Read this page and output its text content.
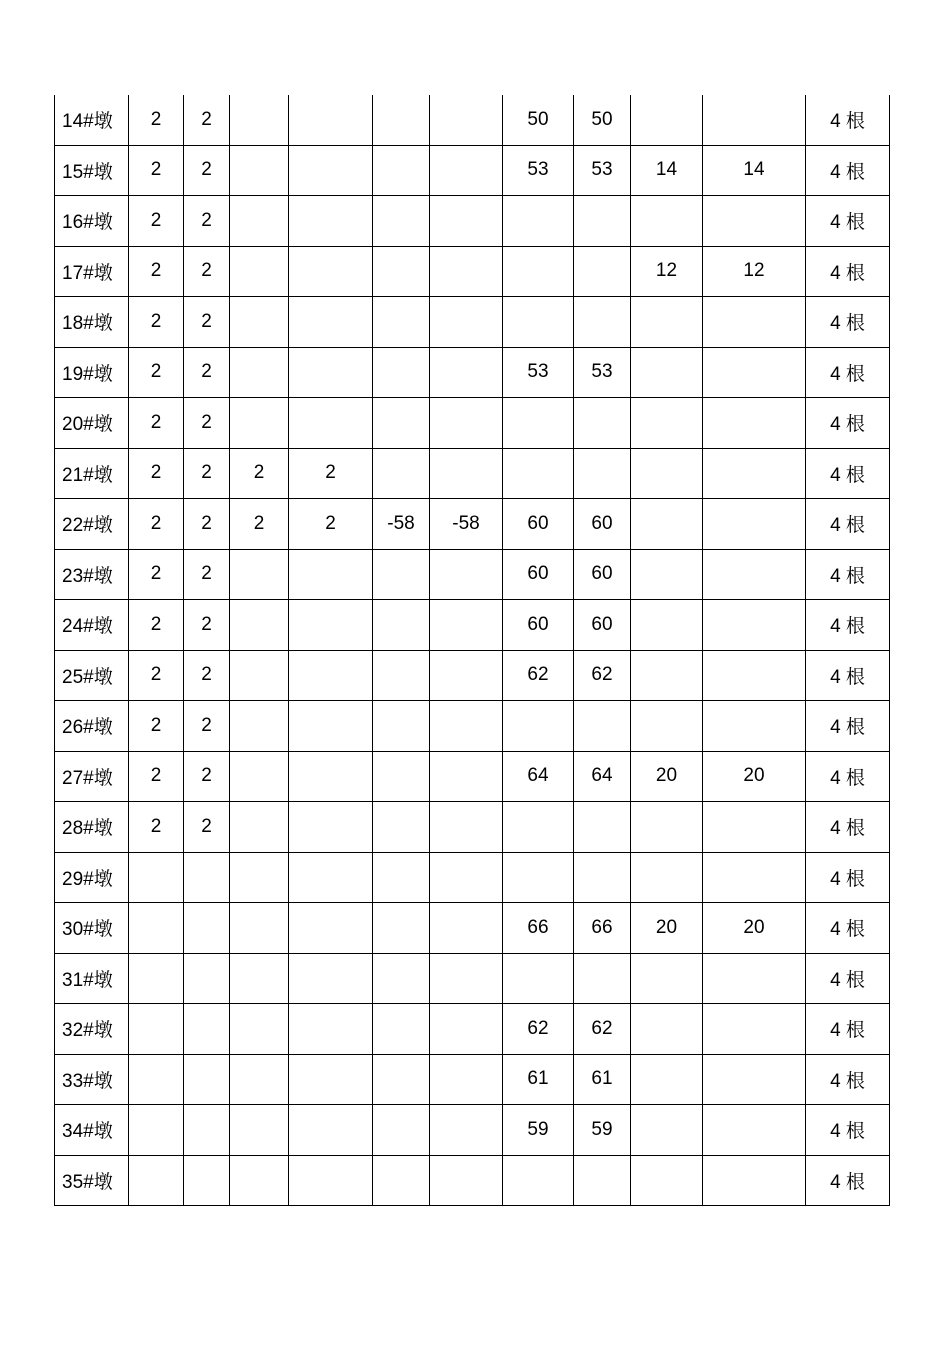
14#墩	2	2					50	50			4 根
15#墩	2	2					53	53	14	14	4 根
16#墩	2	2									4 根
17#墩	2	2							12	12	4 根
18#墩	2	2									4 根
19#墩	2	2					53	53			4 根
20#墩	2	2									4 根
21#墩	2	2	2	2							4 根
22#墩	2	2	2	2	-58	-58	60	60			4 根
23#墩	2	2					60	60			4 根
24#墩	2	2					60	60			4 根
25#墩	2	2					62	62			4 根
26#墩	2	2									4 根
27#墩	2	2					64	64	20	20	4 根
28#墩	2	2									4 根
29#墩											4 根
30#墩							66	66	20	20	4 根
31#墩											4 根
32#墩							62	62			4 根
33#墩							61	61			4 根
34#墩							59	59			4 根
35#墩											4 根
